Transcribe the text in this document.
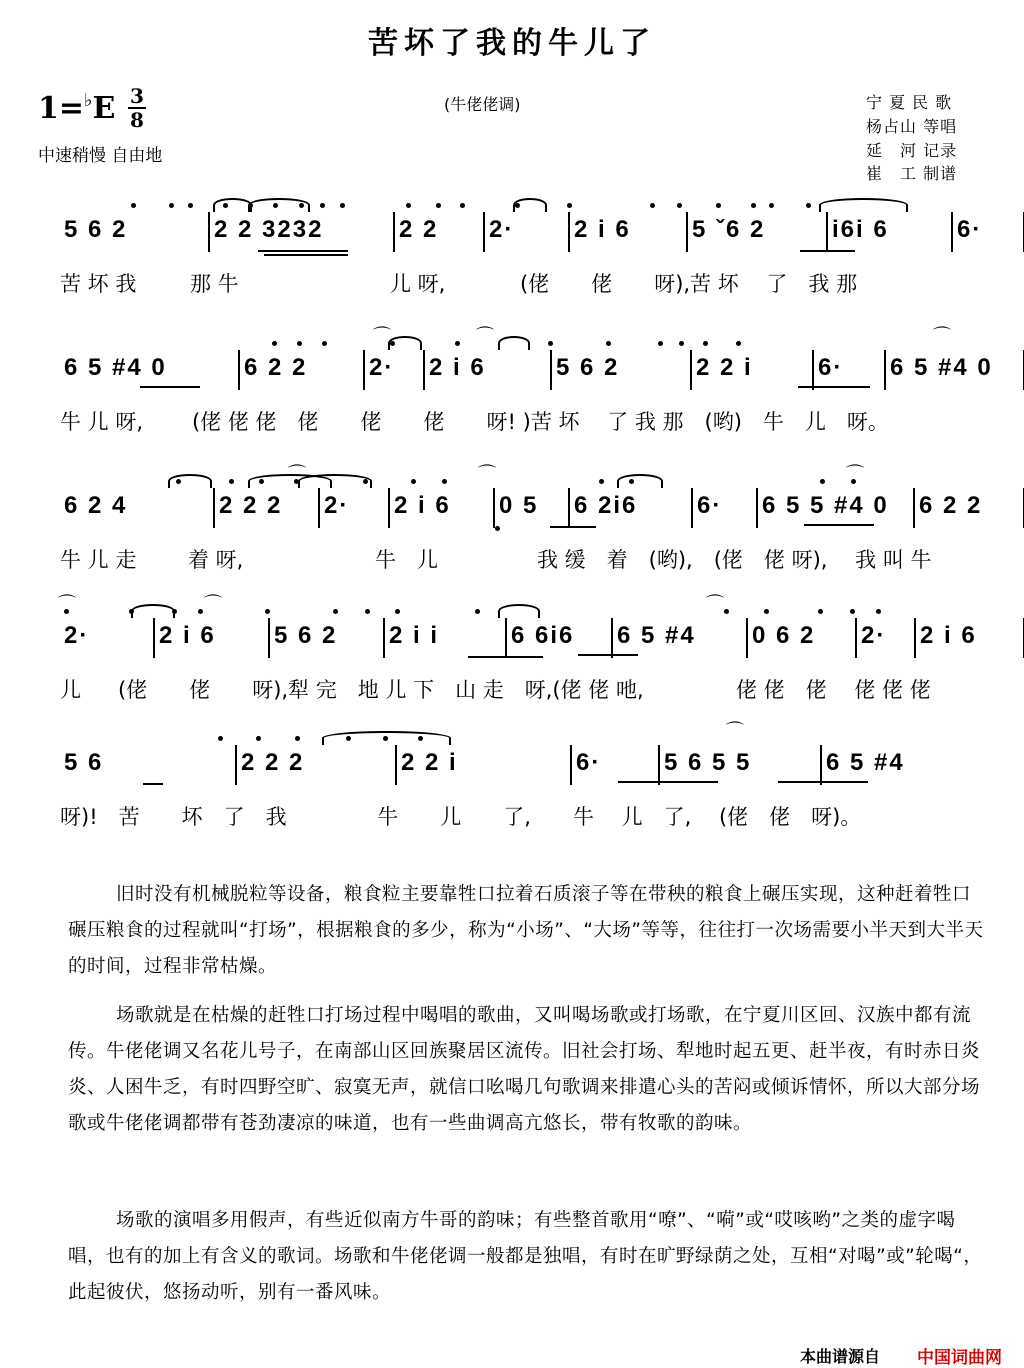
苦坏了我的牛儿了
1=♭E 3
8
中速稍慢 自由地
(牛佬佬调)	宁 夏 民 歌
杨占山 等唱
延　河 记录
崔　工 制谱
5 6 2	2 2 3232	2 2 2· 2 i 6	5 ˇ6 2	i6i 6	6·
苦 坏 我	那 牛	儿 呀,	(佬　　佬　　呀),苦 坏　 了　我 那
6 5 #4 0	6 2 2	2· 2 i 6	5 6 2	2 2 i	6· 6 5 #4 0
⌒	⌒	⌒
牛 儿 呀, (佬 佬 佬　佬　　佬　　佬　　呀! )苦 坏　 了 我 那　(哟)　牛　儿　呀。
6 2 4	2 2 2 2· 2 i 6 0 5 6 2i6 6· 6 5 5 #4 0 6 2 2
⌒	⌒	⌒
牛 儿 走 着 呀,	牛　儿	我 缓　着　(哟),　(佬　佬 呀),　 我 叫 牛
2·	2 i 6 5 6 2 2 i i	6 6i6 6 5 #4 0 6 2 2· 2 i 6
⌒	⌒	⌒
儿 (佬　　佬　　呀),犁 完　地 儿 下　山 走　呀,(佬 佬 吔,	佬 佬　佬　 佬 佬 佬
5 6	2 2 2	2 2 i	6·	5 6 5 5	6 5 #4
⌒
呀)!　苦　　坏　了　我　　　　 牛　　儿　　了,　　牛　 儿　了,　 (佬　佬　呀)。
旧时没有机械脱粒等设备，粮食粒主要靠牲口拉着石质滚子等在带秧的粮食上碾压实现，这种赶着牲口碾压粮食的过程就叫“打场”，根据粮食的多少，称为“小场”、“大场”等等，往往打一次场需要小半天到大半天的时间，过程非常枯燥。
场歌就是在枯燥的赶牲口打场过程中喝唱的歌曲，又叫喝场歌或打场歌，在宁夏川区回、汉族中都有流传。牛佬佬调又名花儿号子，在南部山区回族聚居区流传。旧社会打场、犁地时起五更、赶半夜，有时赤日炎炎、人困牛乏，有时四野空旷、寂寞无声，就信口吆喝几句歌调来排遣心头的苦闷或倾诉情怀，所以大部分场歌或牛佬佬调都带有苍劲凄凉的味道，也有一些曲调高亢悠长，带有牧歌的韵味。
场歌的演唱多用假声，有些近似南方牛哥的韵味；有些整首歌用“嘹”、“嗬”或“哎咳哟”之类的虚字喝唱，也有的加上有含义的歌词。场歌和牛佬佬调一般都是独唱，有时在旷野绿荫之处，互相“对喝”或”轮喝“，此起彼伏，悠扬动听，别有一番风味。
本曲谱源自 中国词曲网
